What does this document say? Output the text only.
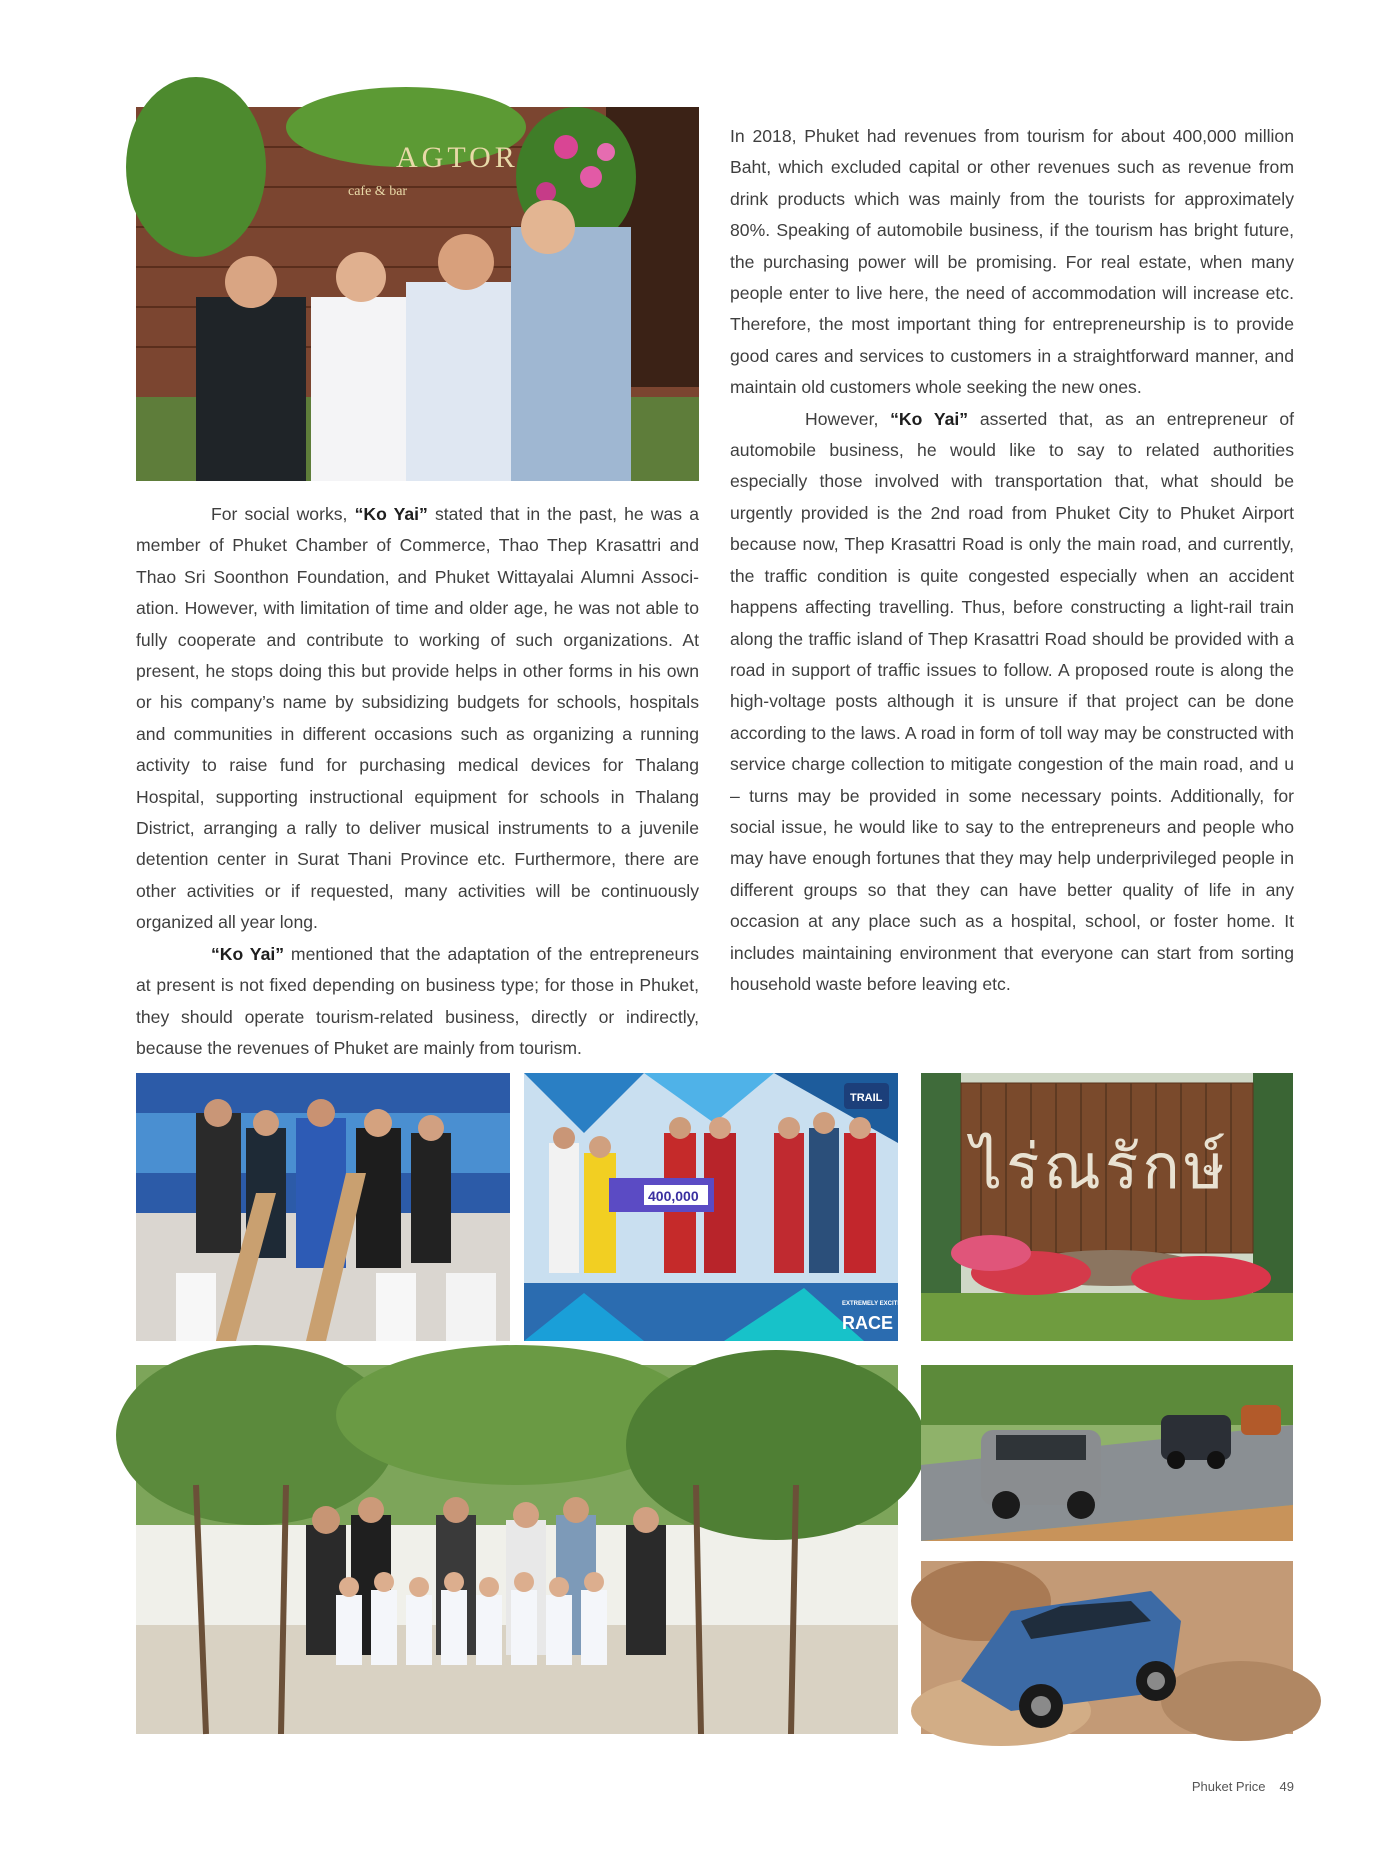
AGTOR
cafe & bar

For social works, “Ko Yai” stated that in the past, he was a member of Phuket Chamber of Commerce, Thao Thep Krasattri and Thao Sri Soonthon Foundation, and Phuket Wittayalai Alumni Associ-ation. However, with limitation of time and older age, he was not able to fully cooperate and contribute to working of such organizations. At present, he stops doing this but provide helps in other forms in his own or his company’s name by subsidizing budgets for schools, hospitals and communities in different occasions such as organizing a running activity to raise fund for purchasing medical devices for Thalang Hospital, supporting instructional equipment for schools in Thalang District, arranging a rally to deliver musical instruments to a juvenile detention center in Surat Thani Province etc. Furthermore, there are other activities or if requested, many activities will be continuously organized all year long.

“Ko Yai” mentioned that the adaptation of the entrepreneurs at present is not fixed depending on business type; for those in Phuket, they should operate tourism-related business, directly or indirectly, because the revenues of Phuket are mainly from tourism.

In 2018, Phuket had revenues from tourism for about 400,000 million Baht, which excluded capital or other revenues such as revenue from drink products which was mainly from the tourists for approximately 80%. Speaking of automobile business, if the tourism has bright future, the purchasing power will be promising. For real estate, when many people enter to live here, the need of accommodation will increase etc. Therefore, the most important thing for entrepreneurship is to provide good cares and services to customers in a straightforward manner, and maintain old customers whole seeking the new ones.

However, “Ko Yai” asserted that, as an entrepreneur of automobile business, he would like to say to related authorities especially those involved with transportation that, what should be urgently provided is the 2nd road from Phuket City to Phuket Airport because now, Thep Krasattri Road is only the main road, and currently, the traffic condition is quite congested especially when an accident happens affecting travelling. Thus, before constructing a light-rail train along the traffic island of Thep Krasattri Road should be provided with a road in support of traffic issues to follow. A proposed route is along the high-voltage posts although it is unsure if that project can be done according to the laws. A road in form of toll way may be constructed with service charge collection to mitigate congestion of the main road, and u – turns may be provided in some necessary points. Additionally, for social issue, he would like to say to the entrepreneurs and people who may have enough fortunes that they may help underprivileged people in different groups so that they can have better quality of life in any occasion at any place such as a hospital, school, or foster home. It includes maintaining environment that everyone can start from sorting household waste before leaving etc.

TRAIL
400,000
EXTREMELY EXCITING
RACE
ไร่ณรักษ์
Phuket Price 49
